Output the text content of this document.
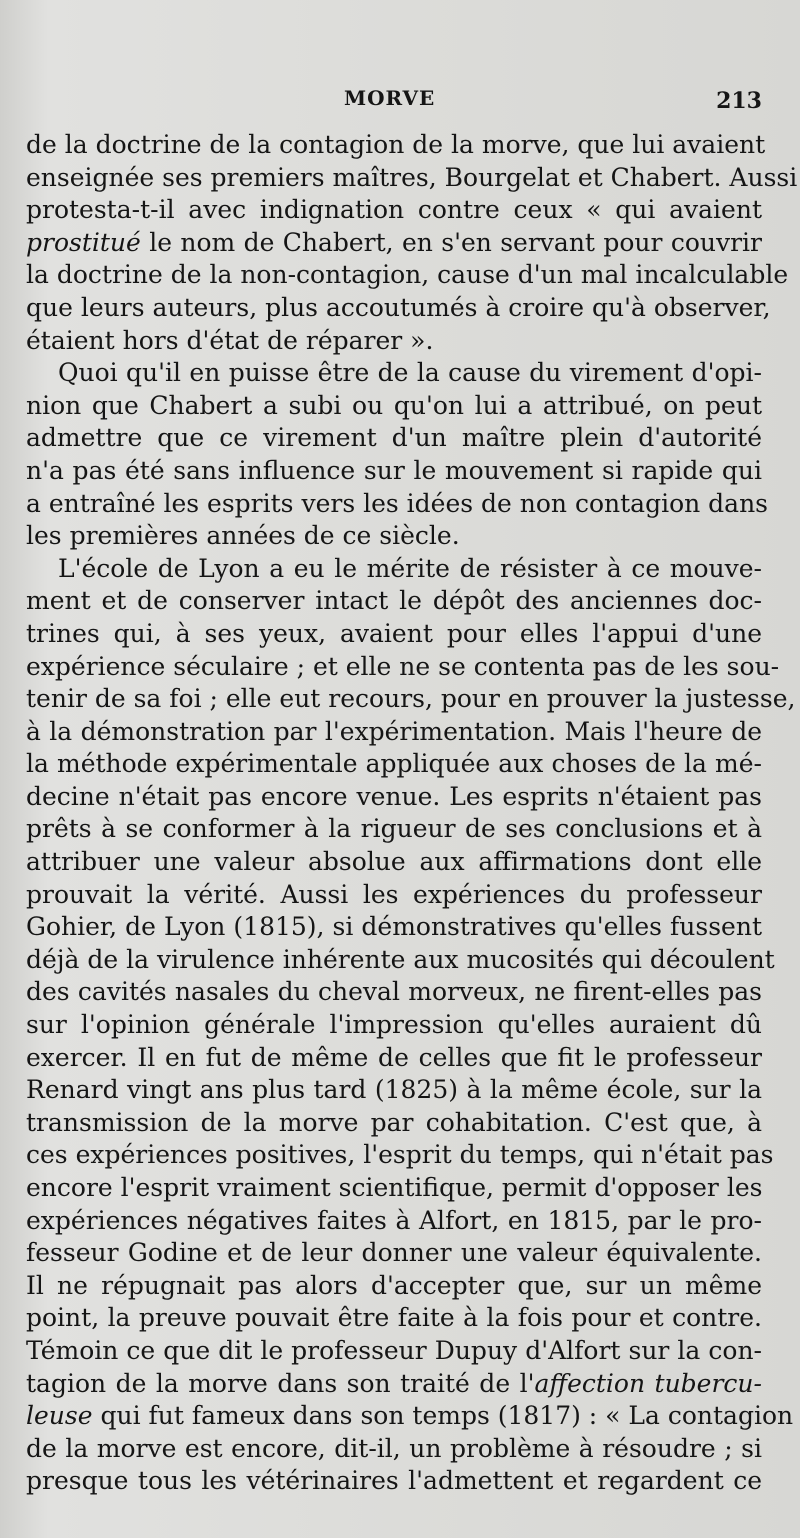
MORVE	213
de la doctrine de la contagion de la morve, que lui avaient
enseignée ses premiers maîtres, Bourgelat et Chabert. Aussi
protesta-t-il avec indignation contre ceux « qui avaient
prostitué le nom de Chabert, en s'en servant pour couvrir
la doctrine de la non-contagion, cause d'un mal incalculable
que leurs auteurs, plus accoutumés à croire qu'à observer,
étaient hors d'état de réparer ».
Quoi qu'il en puisse être de la cause du virement d'opi-
nion que Chabert a subi ou qu'on lui a attribué, on peut
admettre que ce virement d'un maître plein d'autorité
n'a pas été sans influence sur le mouvement si rapide qui
a entraîné les esprits vers les idées de non contagion dans
les premières années de ce siècle.
L'école de Lyon a eu le mérite de résister à ce mouve-
ment et de conserver intact le dépôt des anciennes doc-
trines qui, à ses yeux, avaient pour elles l'appui d'une
expérience séculaire ; et elle ne se contenta pas de les sou-
tenir de sa foi ; elle eut recours, pour en prouver la justesse,
à la démonstration par l'expérimentation. Mais l'heure de
la méthode expérimentale appliquée aux choses de la mé-
decine n'était pas encore venue. Les esprits n'étaient pas
prêts à se conformer à la rigueur de ses conclusions et à
attribuer une valeur absolue aux affirmations dont elle
prouvait la vérité. Aussi les expériences du professeur
Gohier, de Lyon (1815), si démonstratives qu'elles fussent
déjà de la virulence inhérente aux mucosités qui découlent
des cavités nasales du cheval morveux, ne firent-elles pas
sur l'opinion générale l'impression qu'elles auraient dû
exercer. Il en fut de même de celles que fit le professeur
Renard vingt ans plus tard (1825) à la même école, sur la
transmission de la morve par cohabitation. C'est que, à
ces expériences positives, l'esprit du temps, qui n'était pas
encore l'esprit vraiment scientifique, permit d'opposer les
expériences négatives faites à Alfort, en 1815, par le pro-
fesseur Godine et de leur donner une valeur équivalente.
Il ne répugnait pas alors d'accepter que, sur un même
point, la preuve pouvait être faite à la fois pour et contre.
Témoin ce que dit le professeur Dupuy d'Alfort sur la con-
tagion de la morve dans son traité de l'affection tubercu-
leuse qui fut fameux dans son temps (1817) : « La contagion
de la morve est encore, dit-il, un problème à résoudre ; si
presque tous les vétérinaires l'admettent et regardent ce
